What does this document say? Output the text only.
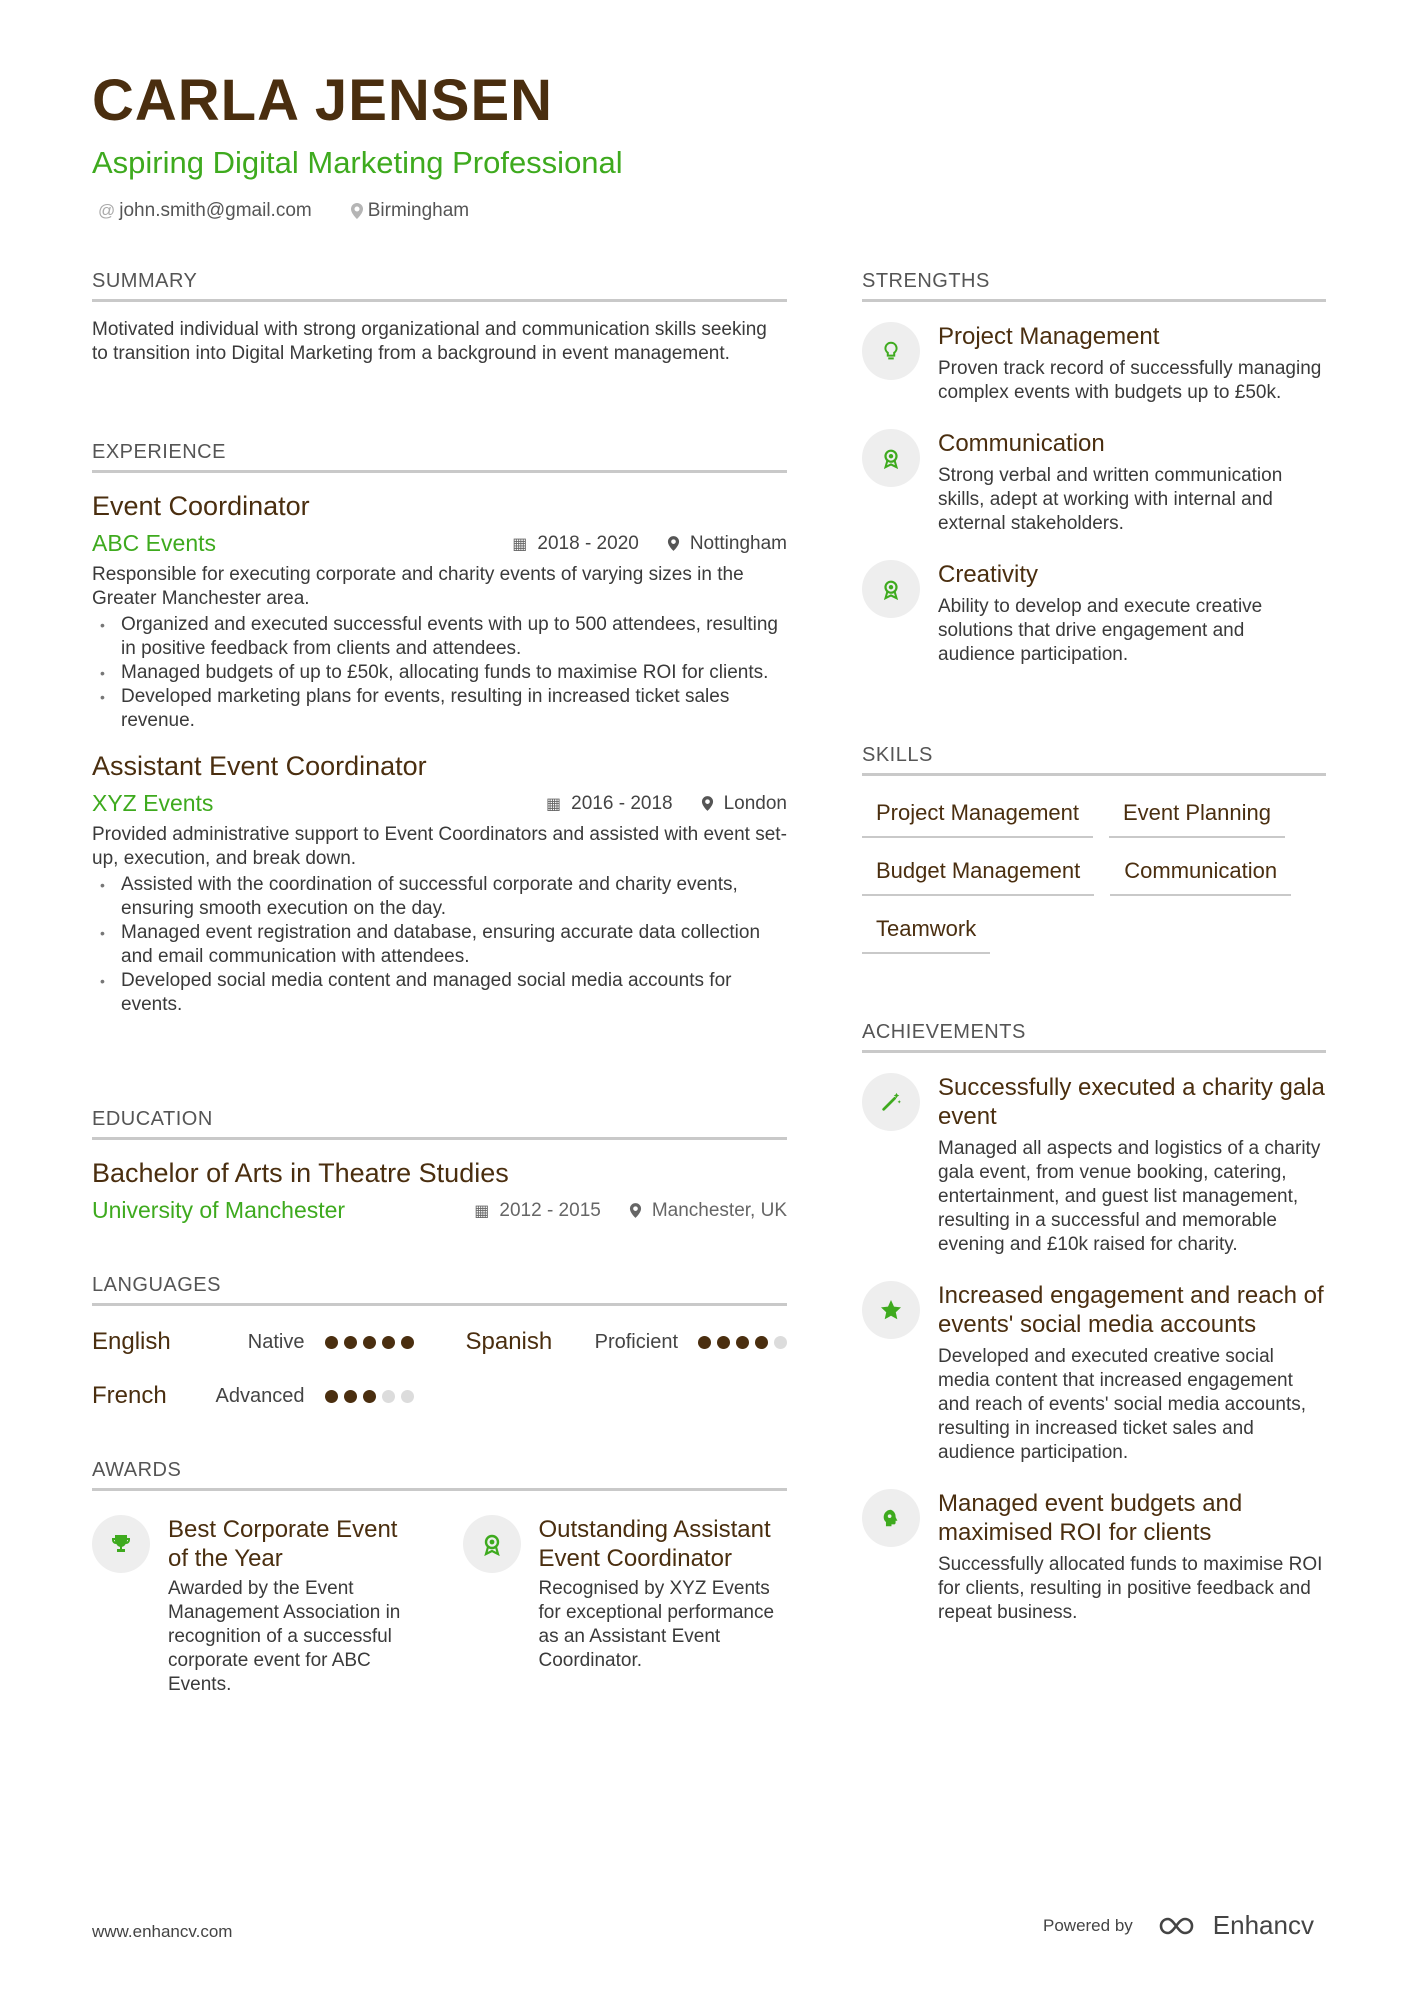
CARLA JENSEN
Aspiring Digital Marketing Professional
@ john.smith@gmail.com	Birmingham
SUMMARY

Motivated individual with strong organizational and communication skills seeking to transition into Digital Marketing from a background in event management.

EXPERIENCE
Event Coordinator
ABC Events	▦ 2018 - 2020	Nottingham

Responsible for executing corporate and charity events of varying sizes in the Greater Manchester area.

• Organized and executed successful events with up to 500 attendees, resulting in positive feedback from clients and attendees.
• Managed budgets of up to £50k, allocating funds to maximise ROI for clients.
• Developed marketing plans for events, resulting in increased ticket sales revenue.
Assistant Event Coordinator
XYZ Events	▦ 2016 - 2018	London

Provided administrative support to Event Coordinators and assisted with event set-up, execution, and break down.

• Assisted with the coordination of successful corporate and charity events, ensuring smooth execution on the day.
• Managed event registration and database, ensuring accurate data collection and email communication with attendees.
• Developed social media content and managed social media accounts for events.
EDUCATION
Bachelor of Arts in Theatre Studies
University of Manchester	▦ 2012 - 2015	Manchester, UK
LANGUAGES
English	Native	Spanish Proficient
French Advanced
AWARDS
Best Corporate Event of the Year

Awarded by the Event Management Association in recognition of a successful corporate event for ABC Events.

Outstanding Assistant Event Coordinator

Recognised by XYZ Events for exceptional performance as an Assistant Event Coordinator.

STRENGTHS
Project Management

Proven track record of successfully managing complex events with budgets up to £50k.

Communication

Strong verbal and written communication skills, adept at working with internal and external stakeholders.

Creativity

Ability to develop and execute creative solutions that drive engagement and audience participation.

SKILLS
Project Management	Event Planning
Budget Management	Communication
Teamwork
ACHIEVEMENTS
Successfully executed a charity gala event

Managed all aspects and logistics of a charity gala event, from venue booking, catering, entertainment, and guest list management, resulting in a successful and memorable evening and £10k raised for charity.

Increased engagement and reach of events' social media accounts

Developed and executed creative social media content that increased engagement and reach of events' social media accounts, resulting in increased ticket sales and audience participation.

Managed event budgets and maximised ROI for clients

Successfully allocated funds to maximise ROI for clients, resulting in positive feedback and repeat business.

www.enhancv.com	Powered by	Enhancv
